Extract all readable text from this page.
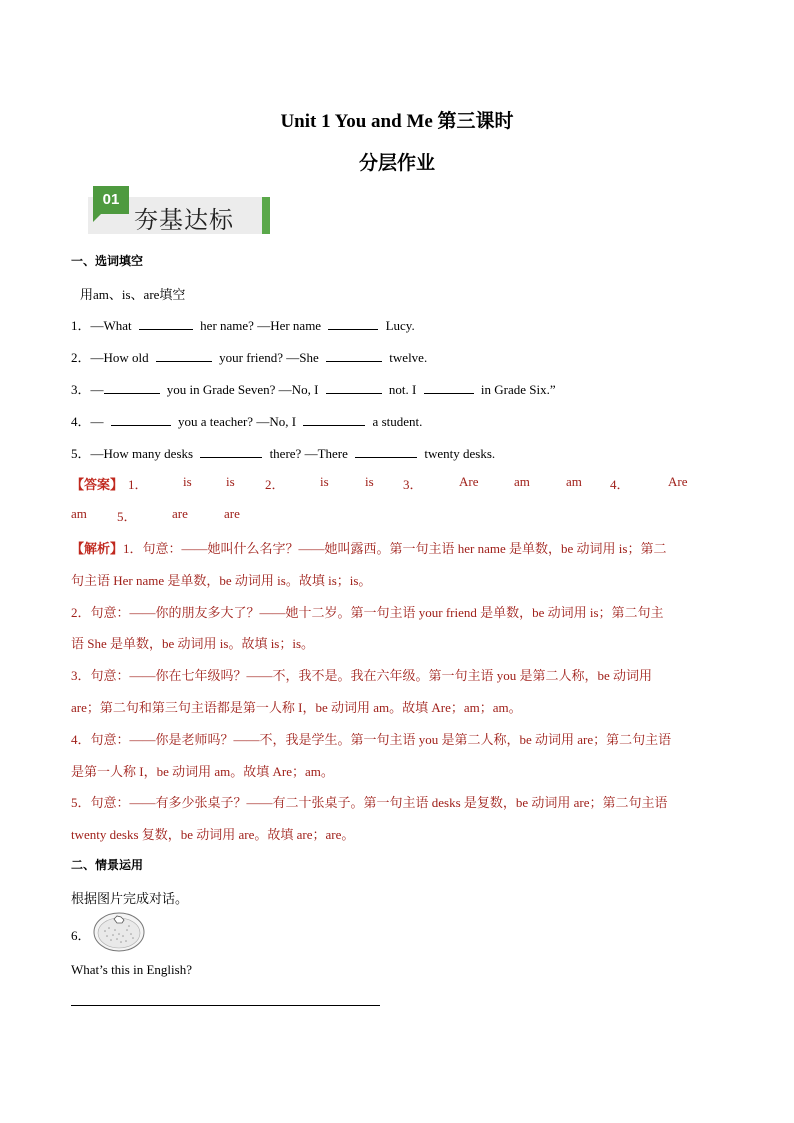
Unit 1 You and Me 第三课时
分层作业
01
夯基达标
一、选词填空
用am、is、are填空
1．—What	her name? —Her name	Lucy.
2．—How old	your friend? —She	twelve.
3．—	you in Grade Seven? —No, I	not. I	in Grade Six.”
4．—	you a teacher? —No, I	a student.
5．—How many desks	there? —There	twenty desks.
【答案】 1．	is	is 2．	is	is 3．	Are	am	am 4．	Are
am 5．	are	are
【解析】1．句意：——她叫什么名字？——她叫露西。第一句主语 her name 是单数，be 动词用 is；第二
句主语 Her name 是单数，be 动词用 is。故填 is；is。
2．句意：——你的朋友多大了？——她十二岁。第一句主语 your friend 是单数，be 动词用 is；第二句主
语 She 是单数，be 动词用 is。故填 is；is。
3．句意：——你在七年级吗？——不，我不是。我在六年级。第一句主语 you 是第二人称，be 动词用
are；第二句和第三句主语都是第一人称 I，be 动词用 am。故填 Are；am；am。
4．句意：——你是老师吗？——不，我是学生。第一句主语 you 是第二人称，be 动词用 are；第二句主语
是第一人称 I，be 动词用 am。故填 Are；am。
5．句意：——有多少张桌子？——有二十张桌子。第一句主语 desks 是复数，be 动词用 are；第二句主语
twenty desks 复数，be 动词用 are。故填 are；are。
二、情景运用
根据图片完成对话。
6．
What’s this in English?
